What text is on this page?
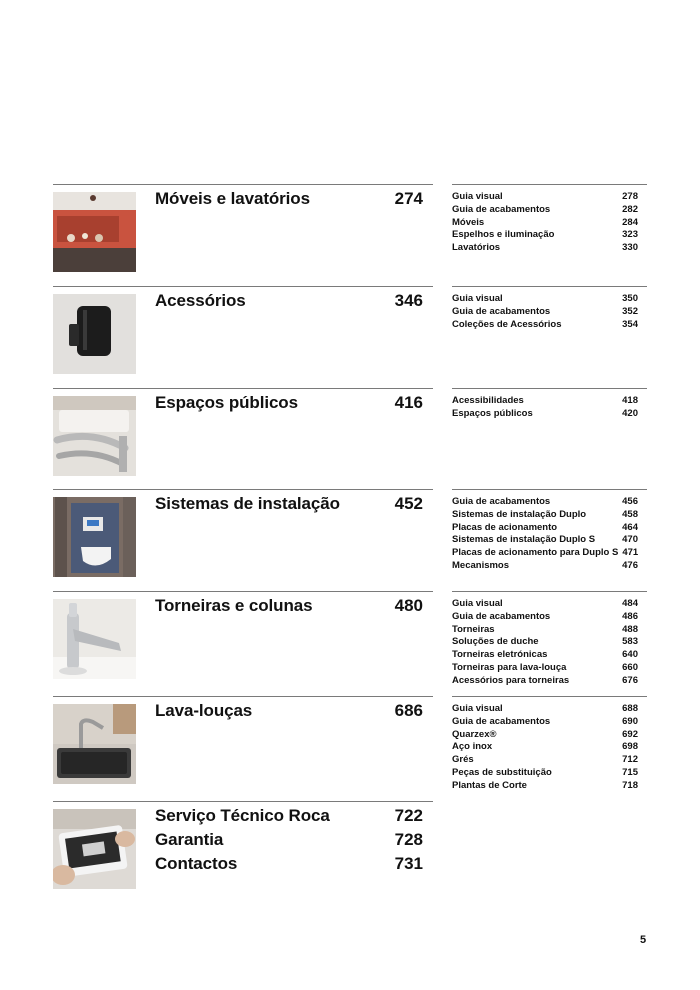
Móveis e lavatórios	274	Guia visual	278
Guia de acabamentos	282
Móveis	284
Espelhos e iluminação	323
Lavatórios	330
Acessórios	346	Guia visual	350
Guia de acabamentos	352
Coleções de Acessórios	354
Espaços públicos	416	Acessibilidades	418
Espaços públicos	420
Sistemas de instalação	452	Guia de acabamentos	456
Sistemas de instalação Duplo	458
Placas de acionamento	464
Sistemas de instalação Duplo S	470
Placas de acionamento para Duplo S 471
Mecanismos	476
Torneiras e colunas	480	Guia visual	484
Guia de acabamentos	486
Torneiras	488
Soluções de duche	583
Torneiras eletrónicas	640
Torneiras para lava-louça	660
Acessórios para torneiras	676
Lava-louças	686	Guia visual	688
Guia de acabamentos	690
Quarzex®	692
Aço inox	698
Grés	712
Peças de substituição	715
Plantas de Corte	718
Serviço Técnico Roca	722
Garantia	728
Contactos	731
5
